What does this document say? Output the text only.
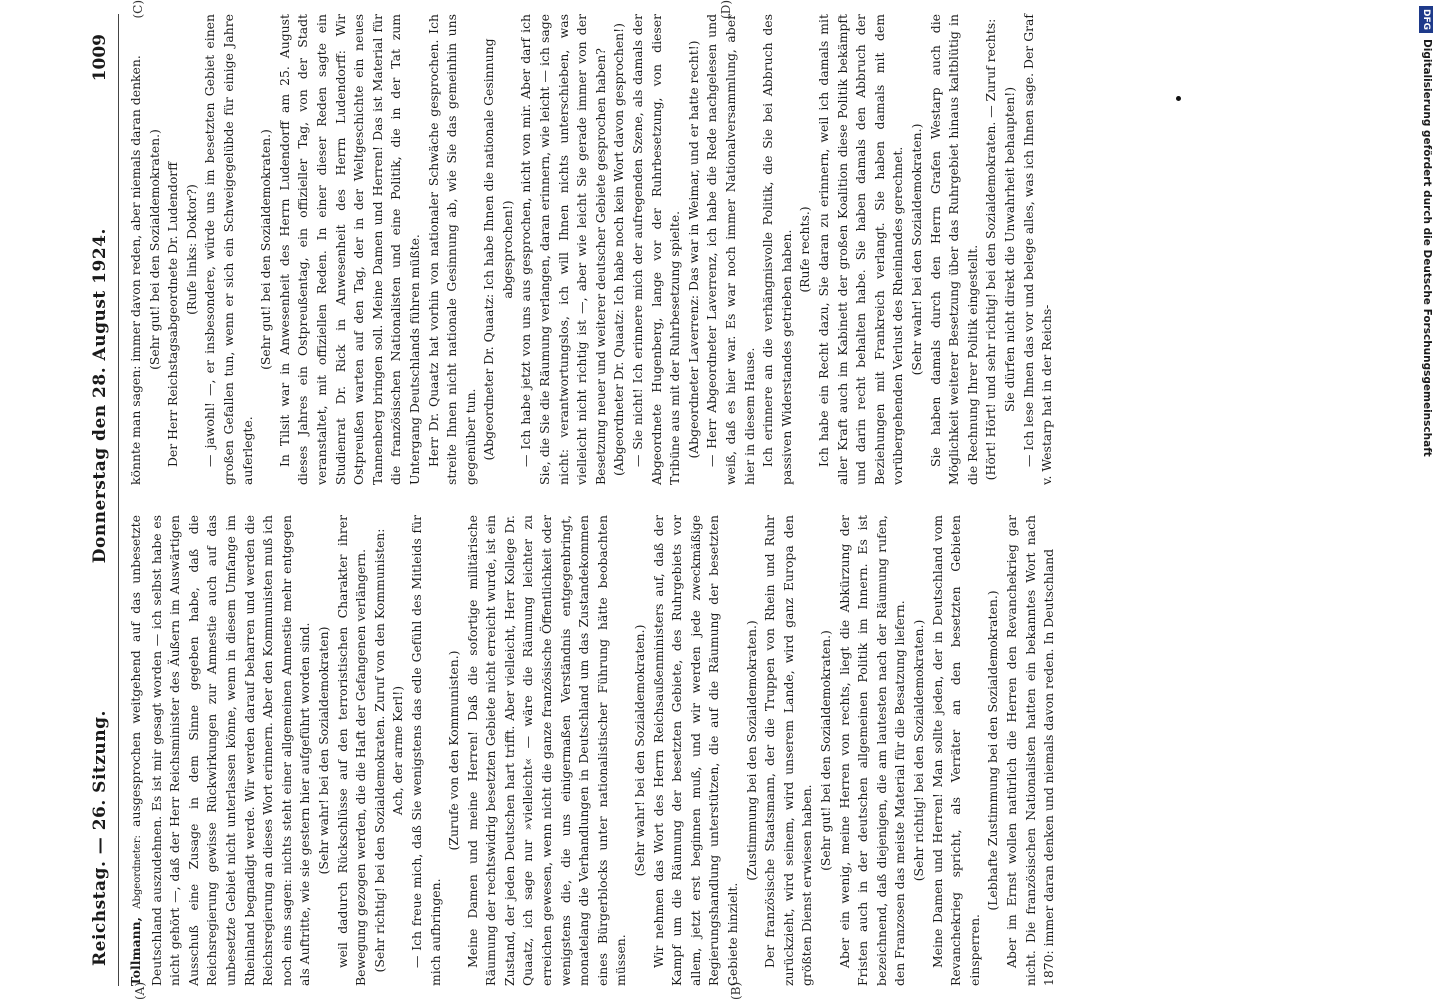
Reichstag. — 26. Sitzung.
Donnerstag den 28. August 1924.
1009
(A)	(B)

Tollmann, Abgeordneter: ausgesprochen weitgehend auf das unbesetzte Deutschland auszudehnen. Es ist mir gesagt worden — ich selbst habe es nicht gehört —, daß der Herr Reichsminister des Äußern im Auswärtigen Ausschuß eine Zusage in dem Sinne gegeben habe, daß die Reichsregierung gewisse Rückwirkungen zur Amnestie auch auf das unbesetzte Gebiet nicht unterlassen könne, wenn in diesem Umfange im Rheinland begnadigt werde. Wir werden darauf beharren und werden die Reichsregierung an dieses Wort erinnern. Aber den Kommunisten muß ich noch eins sagen: nichts steht einer allgemeinen Amnestie mehr entgegen als Auftritte, wie sie gestern hier aufgeführt worden sind. (Sehr wahr! bei den Sozialdemokraten) weil dadurch Rückschlüsse auf den terroristischen Charakter ihrer Bewegung gezogen werden, die die Haft der Gefangenen verlängern. (Sehr richtig! bei den Sozialdemokraten. Zuruf von den Kommunisten: Ach, der arme Kerl!) — Ich freue mich, daß Sie wenigstens das edle Gefühl des Mitleids für mich aufbringen.

(Zurufe von den Kommunisten.) Meine Damen und meine Herren! Daß die sofortige militärische Räumung der rechtswidrig besetzten Gebiete nicht erreicht wurde, ist ein Zustand, der jeden Deutschen hart trifft. Aber vielleicht, Herr Kollege Dr. Quaatz, ich sage nur »vielleicht« — wäre die Räumung leichter zu erreichen gewesen, wenn nicht die ganze französische Öffentlichkeit oder wenigstens die, die uns einigermaßen Verständnis entgegenbringt, monatelang die Verhandlungen in Deutschland um das Zustandekommen eines Bürgerblocks unter nationalistischer Führung hätte beobachten müssen.

(Sehr wahr! bei den Sozialdemokraten.) Wir nehmen das Wort des Herrn Reichsaußenministers auf, daß der Kampf um die Räumung der besetzten Gebiete, des Ruhrgebiets vor allem, jetzt erst beginnen muß, und wir werden jede zweckmäßige Regierungshandlung unterstützen, die auf die Räumung der besetzten Gebiete hinzielt.

(Zustimmung bei den Sozialdemokraten.) Der französische Staatsmann, der die Truppen von Rhein und Ruhr zurückzieht, wird seinem, wird unserem Lande, wird ganz Europa den größten Dienst erwiesen haben.

(Sehr gut! bei den Sozialdemokraten.) Aber ein wenig, meine Herren von rechts, liegt die Abkürzung der Fristen auch in der deutschen allgemeinen Politik im Innern. Es ist bezeichnend, daß diejenigen, die am lautesten nach der Räumung rufen, den Franzosen das meiste Material für die Besatzung liefern. (Sehr richtig! bei den Sozialdemokraten.) Meine Damen und Herren! Man sollte jeden, der in Deutschland vom Revanchekrieg spricht, als Verräter an den besetzten Gebieten einsperren.

(Lebhafte Zustimmung bei den Sozialdemokraten.) Aber im Ernst wollen natürlich die Herren den Revanchekrieg gar nicht. Die französischen Nationalisten hatten ein bekanntes Wort nach 1870: immer daran denken und niemals davon reden. In Deutschland

(C)	(D)

könnte man sagen: immer davon reden, aber niemals daran denken. (Sehr gut! bei den Sozialdemokraten.) Der Herr Reichstagsabgeordnete Dr. Ludendorff (Rufe links: Doktor?) — jawohl! —, er insbesondere, würde uns im besetzten Gebiet einen großen Gefallen tun, wenn er sich ein Schweigegelübde für einige Jahre auferlegte.

(Sehr gut! bei den Sozialdemokraten.) In Tilsit war in Anwesenheit des Herrn Ludendorff am 25. August dieses Jahres ein Ostpreußentag, ein offizieller Tag, von der Stadt veranstaltet, mit offiziellen Reden. In einer dieser Reden sagte ein Studienrat Dr. Rick in Anwesenheit des Herrn Ludendorff: Wir Ostpreußen warten auf den Tag, der in der Weltgeschichte ein neues Tannenberg bringen soll. Meine Damen und Herren! Das ist Material für die französischen Nationalisten und eine Politik, die in der Tat zum Untergang Deutschlands führen müßte. Herr Dr. Quaatz hat vorhin von nationaler Schwäche gesprochen. Ich streite Ihnen nicht nationale Gesinnung ab, wie Sie das gemeinhin uns gegenüber tun. (Abgeordneter Dr. Quaatz: Ich habe Ihnen die nationale Gesinnung abgesprochen!) — Ich habe jetzt von uns aus gesprochen, nicht von mir. Aber darf ich Sie, die Sie die Räumung verlangen, daran erinnern, wie leicht — ich sage nicht: verantwortungslos, ich will Ihnen nichts unterschieben, was vielleicht nicht richtig ist —, aber wie leicht Sie gerade immer von der Besetzung neuer und weiterer deutscher Gebiete gesprochen haben? (Abgeordneter Dr. Quaatz: Ich habe noch kein Wort davon gesprochen!) — Sie nicht! Ich erinnere mich der aufregenden Szene, als damals der Abgeordnete Hugenberg, lange vor der Ruhrbesetzung, von dieser Tribüne aus mit der Ruhrbesetzung spielte. (Abgeordneter Laverrenz: Das war in Weimar, und er hatte recht!) — Herr Abgeordneter Laverrenz, ich habe die Rede nachgelesen und weiß, daß es hier war. Es war noch immer Nationalversammlung, aber hier in diesem Hause. Ich erinnere an die verhängnisvolle Politik, die Sie bei Abbruch des passiven Widerstandes getrieben haben. (Rufe rechts.) Ich habe ein Recht dazu, Sie daran zu erinnern, weil ich damals mit aller Kraft auch im Kabinett der großen Koalition diese Politik bekämpft und darin recht behalten habe. Sie haben damals den Abbruch der Beziehungen mit Frankreich verlangt. Sie haben damals mit dem vorübergehenden Verlust des Rheinlandes gerechnet. (Sehr wahr! bei den Sozialdemokraten.) Sie haben damals durch den Herrn Grafen Westarp auch die Möglichkeit weiterer Besetzung über das Ruhrgebiet hinaus kaltblütig in die Rechnung Ihrer Politik eingestellt. (Hört! Hört! und sehr richtig! bei den Sozialdemokraten. — Zuruf rechts: Sie dürfen nicht direkt die Unwahrheit behaupten!) — Ich lese Ihnen das vor und belege alles, was ich Ihnen sage. Der Graf v. Westarp hat in der Reichs-

DFGDigitalisierung gefördert durch die Deutsche Forschungsgemeinschaft
